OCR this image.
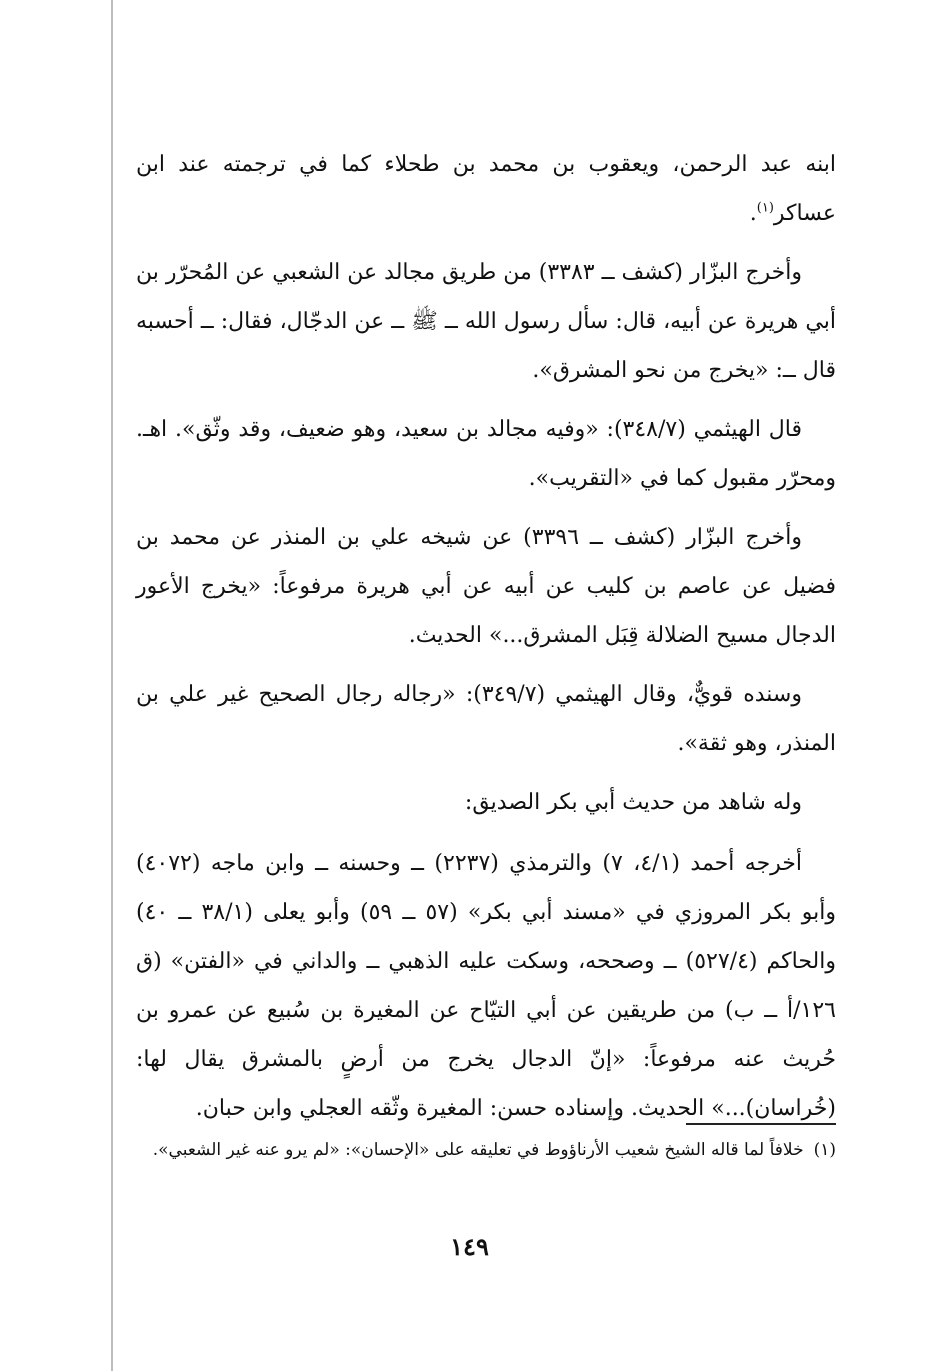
ابنه عبد الرحمن، ويعقوب بن محمد بن طحلاء كما في ترجمته عند ابن عساكر$^{(١)}$.

وأخرج البزّار (كشف ــ ٣٣٨٣) من طريق مجالد عن الشعبي عن المُحرّر بن أبي هريرة عن أبيه، قال: سأل رسول الله ــ ﷺ ــ عن الدجّال، فقال: ــ أحسبه قال ــ: «يخرج من نحو المشرق».

قال الهيثمي (٣٤٨/٧): «وفيه مجالد بن سعيد، وهو ضعيف، وقد وثّق». اهـ. ومحرّر مقبول كما في «التقريب».

وأخرج البزّار (كشف ــ ٣٣٩٦) عن شيخه علي بن المنذر عن محمد بن فضيل عن عاصم بن كليب عن أبيه عن أبي هريرة مرفوعاً: «يخرج الأعور الدجال مسيح الضلالة قِبَل المشرق...» الحديث.

وسنده قويٌّ، وقال الهيثمي (٣٤٩/٧): «رجاله رجال الصحيح غير علي بن المنذر، وهو ثقة».

وله شاهد من حديث أبي بكر الصديق:

أخرجه أحمد (٤/١، ٧) والترمذي (٢٢٣٧) ــ وحسنه ــ وابن ماجه (٤٠٧٢) وأبو بكر المروزي في «مسند أبي بكر» (٥٧ ــ ٥٩) وأبو يعلى (٣٨/١ ــ ٤٠) والحاكم (٥٢٧/٤) ــ وصححه، وسكت عليه الذهبي ــ والداني في «الفتن» (ق ١٢٦/أ ــ ب) من طريقين عن أبي التيّاح عن المغيرة بن سُبيع عن عمرو بن حُريث عنه مرفوعاً: «إنّ الدجال يخرج من أرضٍ بالمشرق يقال لها: (خُراسان)...» الحديث. وإسناده حسن: المغيرة وثّقه العجلي وابن حبان.

(١)خلافاً لما قاله الشيخ شعيب الأرناؤوط في تعليقه على «الإحسان»: «لم يرو عنه غير الشعبي».
١٤٩
